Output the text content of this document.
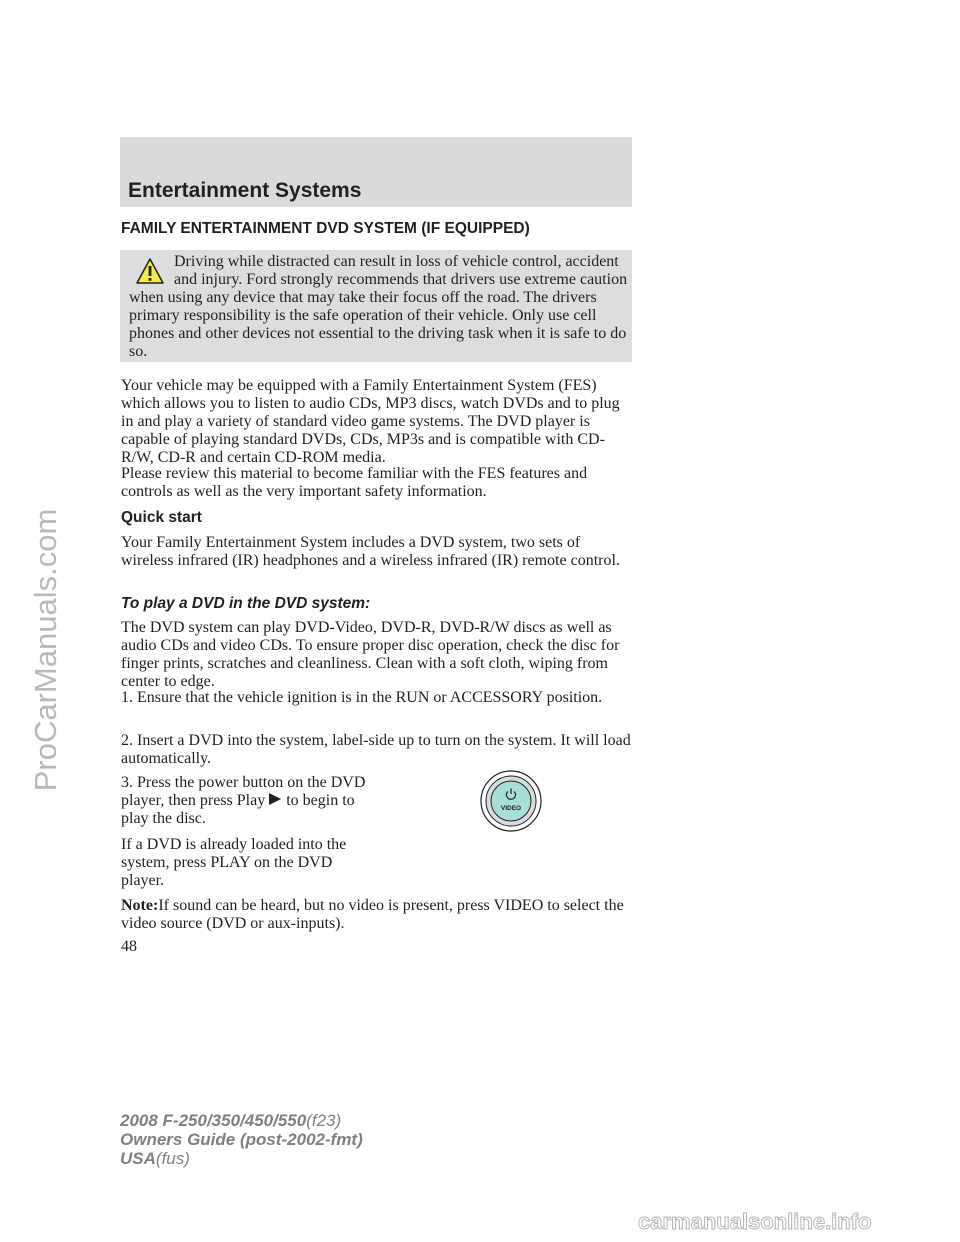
Entertainment Systems
FAMILY ENTERTAINMENT DVD SYSTEM (IF EQUIPPED)

Driving while distracted can result in loss of vehicle control, accident and injury. Ford strongly recommends that drivers use extreme caution when using any device that may take their focus off the road. The drivers primary responsibility is the safe operation of their vehicle. Only use cell phones and other devices not essential to the driving task when it is safe to do so.

Your vehicle may be equipped with a Family Entertainment System (FES) which allows you to listen to audio CDs, MP3 discs, watch DVDs and to plug in and play a variety of standard video game systems. The DVD player is capable of playing standard DVDs, CDs, MP3s and is compatible with CD-R/W, CD-R and certain CD-ROM media.

Please review this material to become familiar with the FES features and controls as well as the very important safety information.

Quick start

Your Family Entertainment System includes a DVD system, two sets of wireless infrared (IR) headphones and a wireless infrared (IR) remote control.

To play a DVD in the DVD system:

The DVD system can play DVD-Video, DVD-R, DVD-R/W discs as well as audio CDs and video CDs. To ensure proper disc operation, check the disc for finger prints, scratches and cleanliness. Clean with a soft cloth, wiping from center to edge.

1. Ensure that the vehicle ignition is in the RUN or ACCESSORY position.

2. Insert a DVD into the system, label-side up to turn on the system. It will load automatically.

3. Press the power button on the DVD player, then press Play to begin to play the disc.

If a DVD is already loaded into the system, press PLAY on the DVD player.

VIDEO

Note:If sound can be heard, but no video is present, press VIDEO to select the video source (DVD or aux-inputs).

48

2008 F-250/350/450/550(f23)
Owners Guide (post-2002-fmt)
USA(fus)
ProCarManuals.com
carmanualsonline.info
